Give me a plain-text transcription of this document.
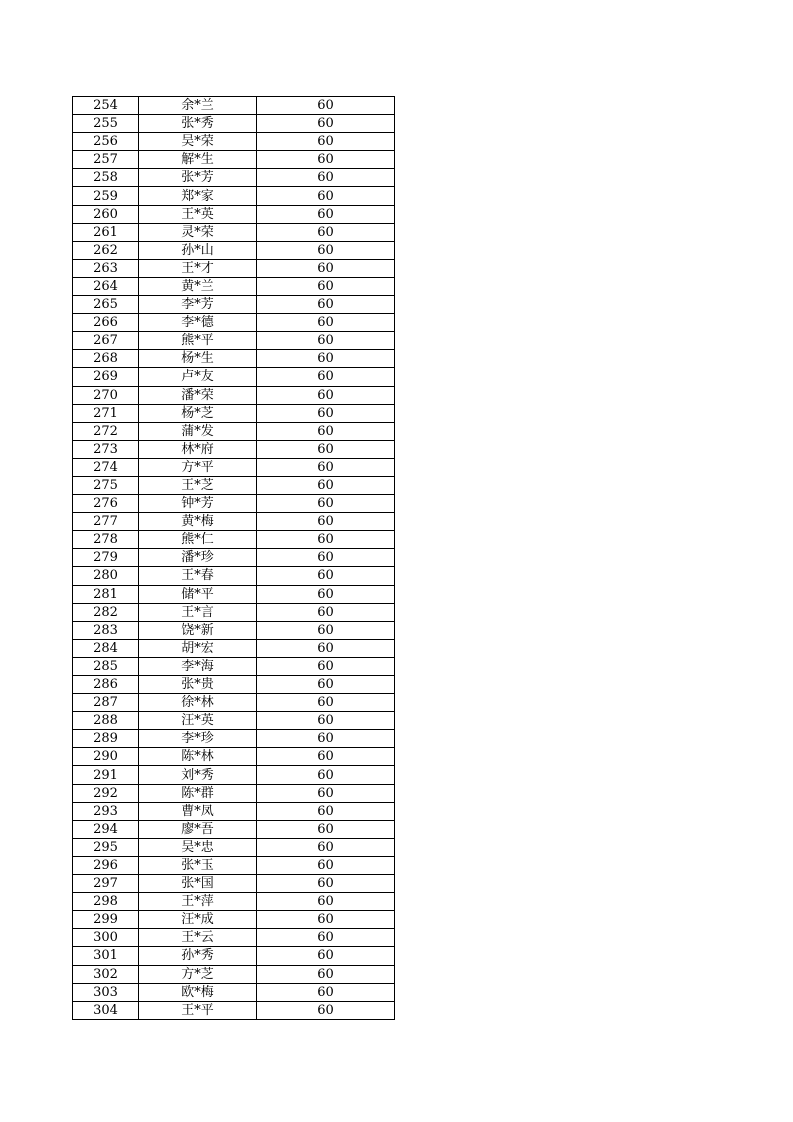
254	余*兰	60
255	张*秀	60
256	吴*荣	60
257	解*生	60
258	张*芳	60
259	郑*家	60
260	王*英	60
261	灵*荣	60
262	孙*山	60
263	王*才	60
264	黄*兰	60
265	李*芳	60
266	李*德	60
267	熊*平	60
268	杨*生	60
269	卢*友	60
270	潘*荣	60
271	杨*芝	60
272	蒲*发	60
273	林*府	60
274	方*平	60
275	王*芝	60
276	钟*芳	60
277	黄*梅	60
278	熊*仁	60
279	潘*珍	60
280	王*春	60
281	储*平	60
282	王*言	60
283	饶*新	60
284	胡*宏	60
285	李*海	60
286	张*贵	60
287	徐*林	60
288	汪*英	60
289	李*珍	60
290	陈*林	60
291	刘*秀	60
292	陈*群	60
293	曹*凤	60
294	廖*吾	60
295	吴*忠	60
296	张*玉	60
297	张*国	60
298	王*萍	60
299	汪*成	60
300	王*云	60
301	孙*秀	60
302	方*芝	60
303	欧*梅	60
304	王*平	60
